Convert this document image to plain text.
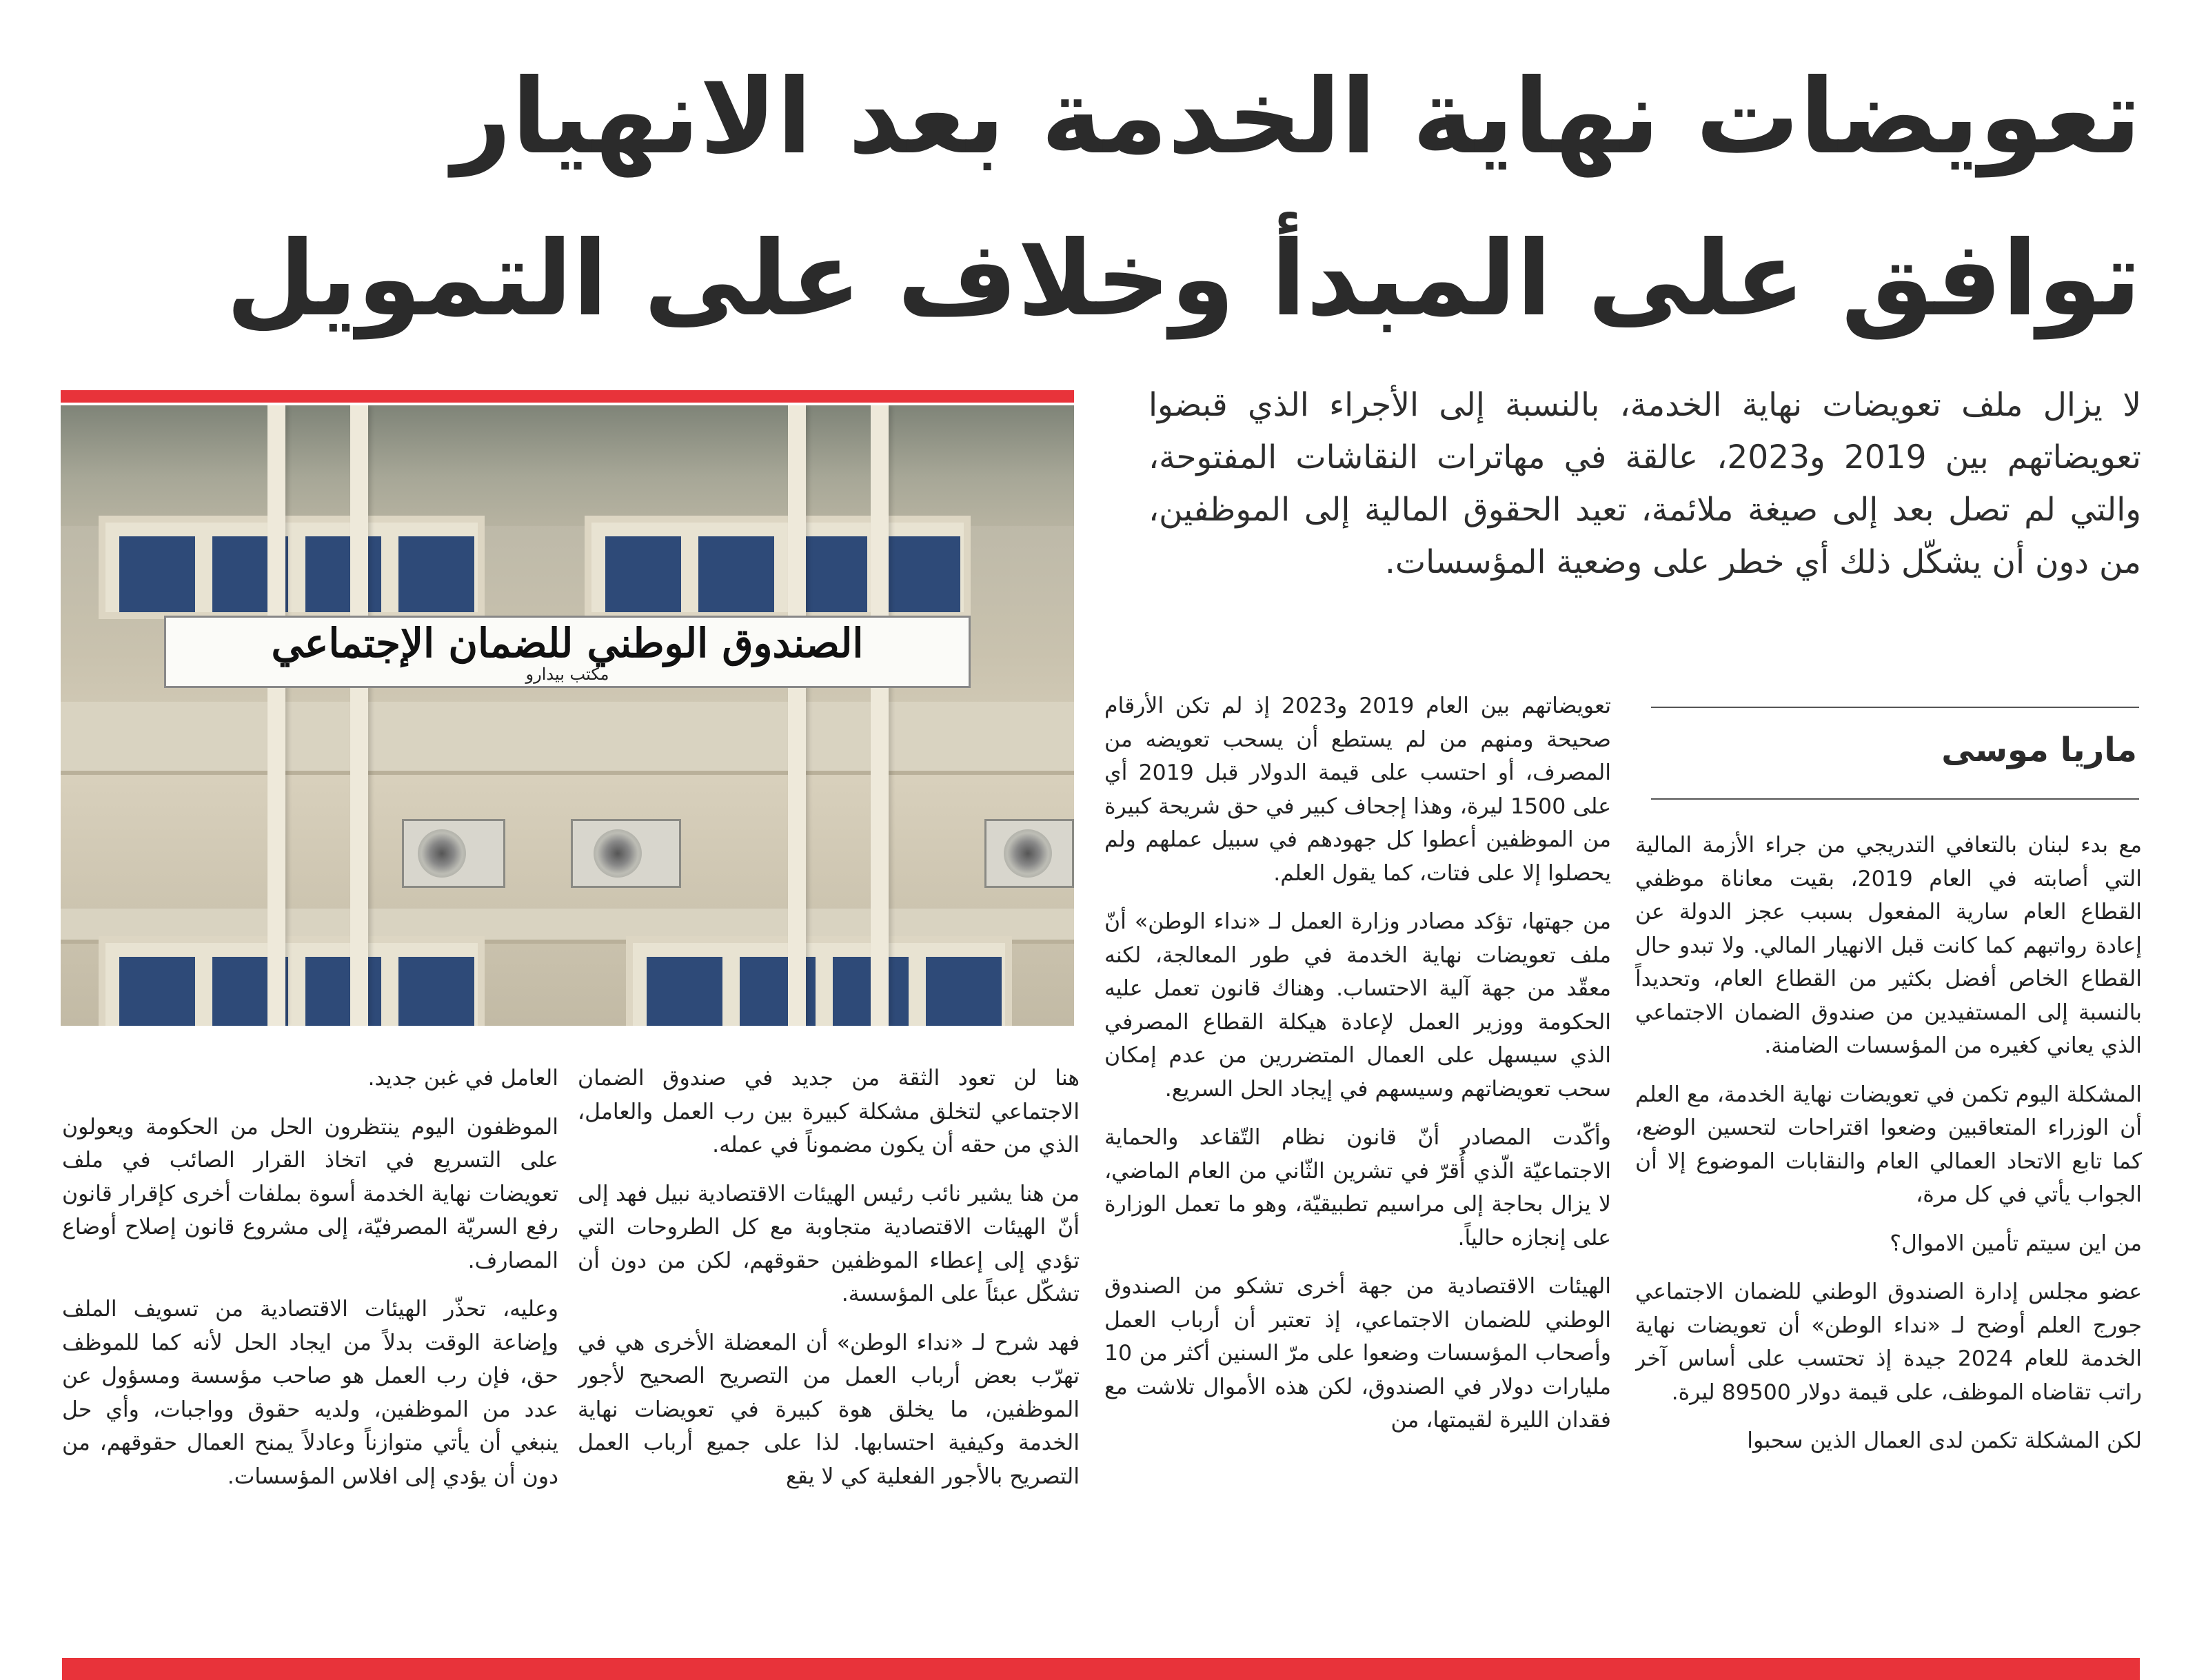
تعويضات نهاية الخدمة بعد الانهيار
توافق على المبدأ وخلاف على التمويل
الصندوق الوطني للضمان الإجتماعي
مكتب بيدارو

لا يزال ملف تعويضات نهاية الخدمة، بالنسبة إلى الأجراء الذي قبضوا تعويضاتهم بين 2019 و2023، عالقة في مهاترات النقاشات المفتوحة، والتي لم تصل بعد إلى صيغة ملائمة، تعيد الحقوق المالية إلى الموظفين، من دون أن يشكّل ذلك أي خطر على وضعية المؤسسات.

ماريا موسى

مع بدء لبنان بالتعافي التدريجي من جراء الأزمة المالية التي أصابته في العام 2019، بقيت معاناة موظفي القطاع العام سارية المفعول بسبب عجز الدولة عن إعادة رواتبهم كما كانت قبل الانهيار المالي. ولا تبدو حال القطاع الخاص أفضل بكثير من القطاع العام، وتحديداً بالنسبة إلى المستفيدين من صندوق الضمان الاجتماعي الذي يعاني كغيره من المؤسسات الضامنة.

المشكلة اليوم تكمن في تعويضات نهاية الخدمة، مع العلم أن الوزراء المتعاقبين وضعوا اقتراحات لتحسين الوضع، كما تابع الاتحاد العمالي العام والنقابات الموضوع إلا أن الجواب يأتي في كل مرة،

من اين سيتم تأمين الاموال؟

عضو مجلس إدارة الصندوق الوطني للضمان الاجتماعي جورج العلم أوضح لـ «نداء الوطن» أن تعويضات نهاية الخدمة للعام 2024 جيدة إذ تحتسب على أساس آخر راتب تقاضاه الموظف، على قيمة دولار 89500 ليرة.

لكن المشكلة تكمن لدى العمال الذين سحبوا

تعويضاتهم بين العام 2019 و2023 إذ لم تكن الأرقام صحيحة ومنهم من لم يستطع أن يسحب تعويضه من المصرف، أو احتسب على قيمة الدولار قبل 2019 أي على 1500 ليرة، وهذا إجحاف كبير في حق شريحة كبيرة من الموظفين أعطوا كل جهودهم في سبيل عملهم ولم يحصلوا إلا على فتات، كما يقول العلم.

من جهتها، تؤكد مصادر وزارة العمل لـ «نداء الوطن» أنّ ملف تعويضات نهاية الخدمة في طور المعالجة، لكنه معقّد من جهة آلية الاحتساب. وهناك قانون تعمل عليه الحكومة ووزير العمل لإعادة هيكلة القطاع المصرفي الذي سيسهل على العمال المتضررين من عدم إمكان سحب تعويضاتهم وسيسهم في إيجاد الحل السريع.

وأكّدت المصادر أنّ قانون نظام التّقاعد والحماية الاجتماعيّة الّذي أُقرّ في تشرين الثّاني من العام الماضي، لا يزال بحاجة إلى مراسيم تطبيقيّة، وهو ما تعمل الوزارة على إنجازه حالياً.

الهيئات الاقتصادية من جهة أخرى تشكو من الصندوق الوطني للضمان الاجتماعي، إذ تعتبر أن أرباب العمل وأصحاب المؤسسات وضعوا على مرّ السنين أكثر من 10 مليارات دولار في الصندوق، لكن هذه الأموال تلاشت مع فقدان الليرة لقيمتها، من

هنا لن تعود الثقة من جديد في صندوق الضمان الاجتماعي لتخلق مشكلة كبيرة بين رب العمل والعامل، الذي من حقه أن يكون مضموناً في عمله.

من هنا يشير نائب رئيس الهيئات الاقتصادية نبيل فهد إلى أنّ الهيئات الاقتصادية متجاوبة مع كل الطروحات التي تؤدي إلى إعطاء الموظفين حقوقهم، لكن من دون أن تشكّل عبئاً على المؤسسة.

فهد شرح لـ «نداء الوطن» أن المعضلة الأخرى هي في تهرّب بعض أرباب العمل من التصريح الصحيح لأجور الموظفين، ما يخلق هوة كبيرة في تعويضات نهاية الخدمة وكيفية احتسابها. لذا على جميع أرباب العمل التصريح بالأجور الفعلية كي لا يقع

العامل في غبن جديد.

الموظفون اليوم ينتظرون الحل من الحكومة ويعولون على التسريع في اتخاذ القرار الصائب في ملف تعويضات نهاية الخدمة أسوة بملفات أخرى كإقرار قانون رفع السريّة المصرفيّة، إلى مشروع قانون إصلاح أوضاع المصارف.

وعليه، تحذّر الهيئات الاقتصادية من تسويف الملف وإضاعة الوقت بدلاً من ايجاد الحل لأنه كما للموظف حق، فإن رب العمل هو صاحب مؤسسة ومسؤول عن عدد من الموظفين، ولديه حقوق وواجبات، وأي حل ينبغي أن يأتي متوازناً وعادلاً يمنح العمال حقوقهم، من دون أن يؤدي إلى افلاس المؤسسات.
